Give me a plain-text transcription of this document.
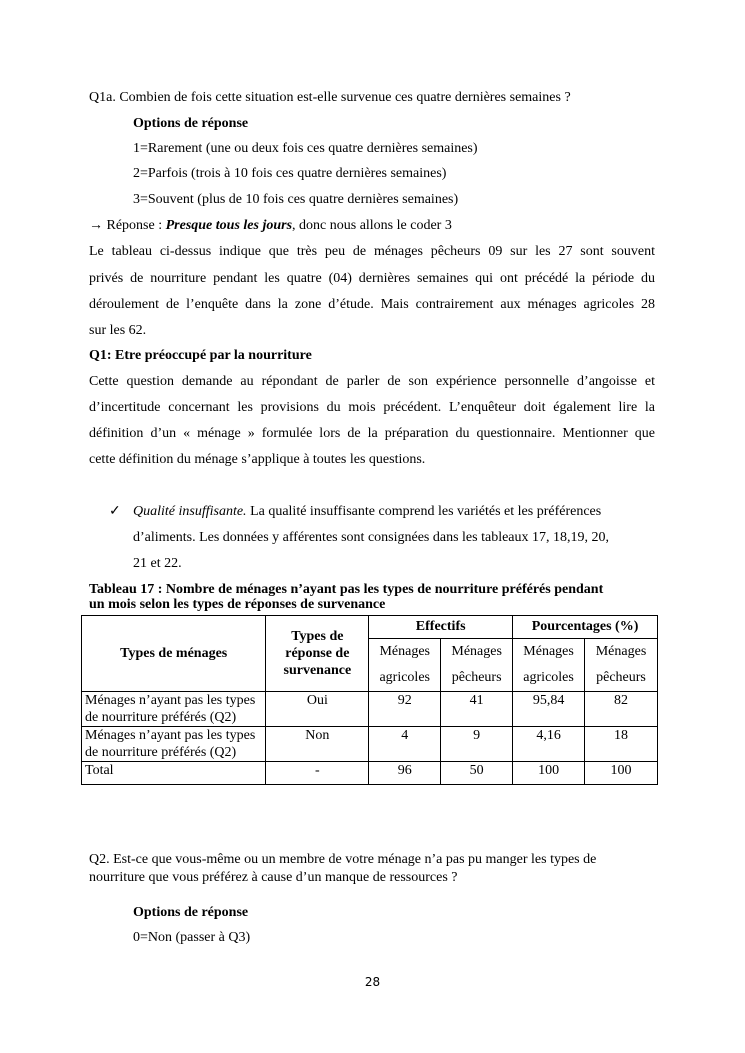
Q1a. Combien de fois cette situation est-elle survenue ces quatre dernières semaines ?
Options de réponse
1=Rarement (une ou deux fois ces quatre dernières semaines)
2=Parfois (trois à 10 fois ces quatre dernières semaines)
3=Souvent (plus de 10 fois ces quatre dernières semaines)
→ Réponse : Presque tous les jours, donc nous allons le coder 3
Le tableau ci-dessus indique que très peu de ménages pêcheurs 09 sur les 27 sont souvent
privés de nourriture pendant les quatre (04) dernières semaines qui ont précédé la période du
déroulement de l’enquête dans la zone d’étude. Mais contrairement aux ménages agricoles 28
sur les 62.
Q1: Etre préoccupé par la nourriture
Cette question demande au répondant de parler de son expérience personnelle d’angoisse et
d’incertitude concernant les provisions du mois précédent. L’enquêteur doit également lire la
définition d’un « ménage » formulée lors de la préparation du questionnaire. Mentionner que
cette définition du ménage s’applique à toutes les questions.
✓ Qualité insuffisante. La qualité insuffisante comprend les variétés et les préférences
d’aliments. Les données y afférentes sont consignées dans les tableaux 17, 18,19, 20,
21 et 22.
Tableau 17 : Nombre de ménages n’ayant pas les types de nourriture préférés pendant
un mois selon les types de réponses de survenance
Types de ménages	Types de réponse de survenance	Effectifs		Pourcentages (%)	
		Ménages	Ménages	Ménages	Ménages
		agricoles	pêcheurs	agricoles	pêcheurs
Ménages n’ayant pas les types de nourriture préférés (Q2)	Oui	92	41	95,84	82
Ménages n’ayant pas les types de nourriture préférés (Q2)	Non	4	9	4,16	18
Total	-	96	50	100	100
Q2. Est-ce que vous-même ou un membre de votre ménage n’a pas pu manger les types de
nourriture que vous préférez à cause d’un manque de ressources ?
Options de réponse
0=Non (passer à Q3)
28
